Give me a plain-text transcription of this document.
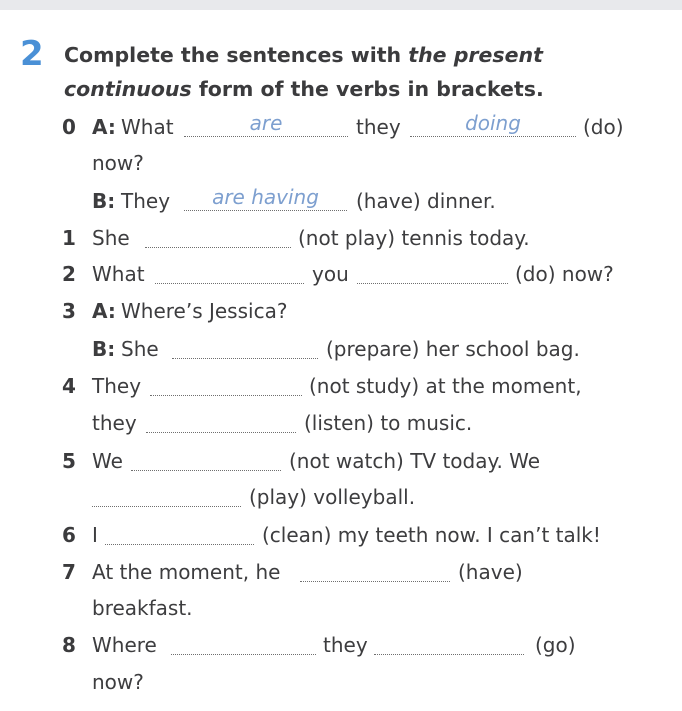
2 Complete the sentences with the present continuous form of the verbs in brackets.
0 A: What	are	they	doing	(do)
now?
B: They	are having	(have) dinner.
1 She	(not play) tennis today.
2 What	you	(do) now?
3 A: Where’s Jessica?
B: She	(prepare) her school bag.
4 They	(not study) at the moment,
they	(listen) to music.
5 We	(not watch) TV today. We
(play) volleyball.
6 I	(clean) my teeth now. I can’t talk!
7 At the moment, he	(have)
breakfast.
8 Where	they	(go)
now?
